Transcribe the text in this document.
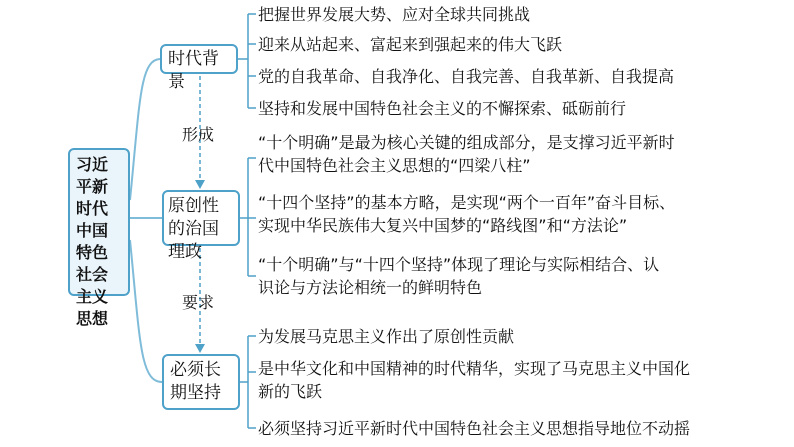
习近平新时代中国特色社会主义思想
时代背景
原创性的治国理政
必须长期坚持
形成
要求
把握世界发展大势、应对全球共同挑战
迎来从站起来、富起来到强起来的伟大飞跃
党的自我革命、自我净化、自我完善、自我革新、自我提高
坚持和发展中国特色社会主义的不懈探索、砥砺前行
“十个明确”是最为核心关键的组成部分，是支撑习近平新时
代中国特色社会主义思想的“四梁八柱”
“十四个坚持”的基本方略，是实现“两个一百年”奋斗目标、
实现中华民族伟大复兴中国梦的“路线图”和“方法论”
“十个明确”与“十四个坚持”体现了理论与实际相结合、认
识论与方法论相统一的鲜明特色
为发展马克思主义作出了原创性贡献
是中华文化和中国精神的时代精华，实现了马克思主义中国化
新的飞跃
必须坚持习近平新时代中国特色社会主义思想指导地位不动摇
